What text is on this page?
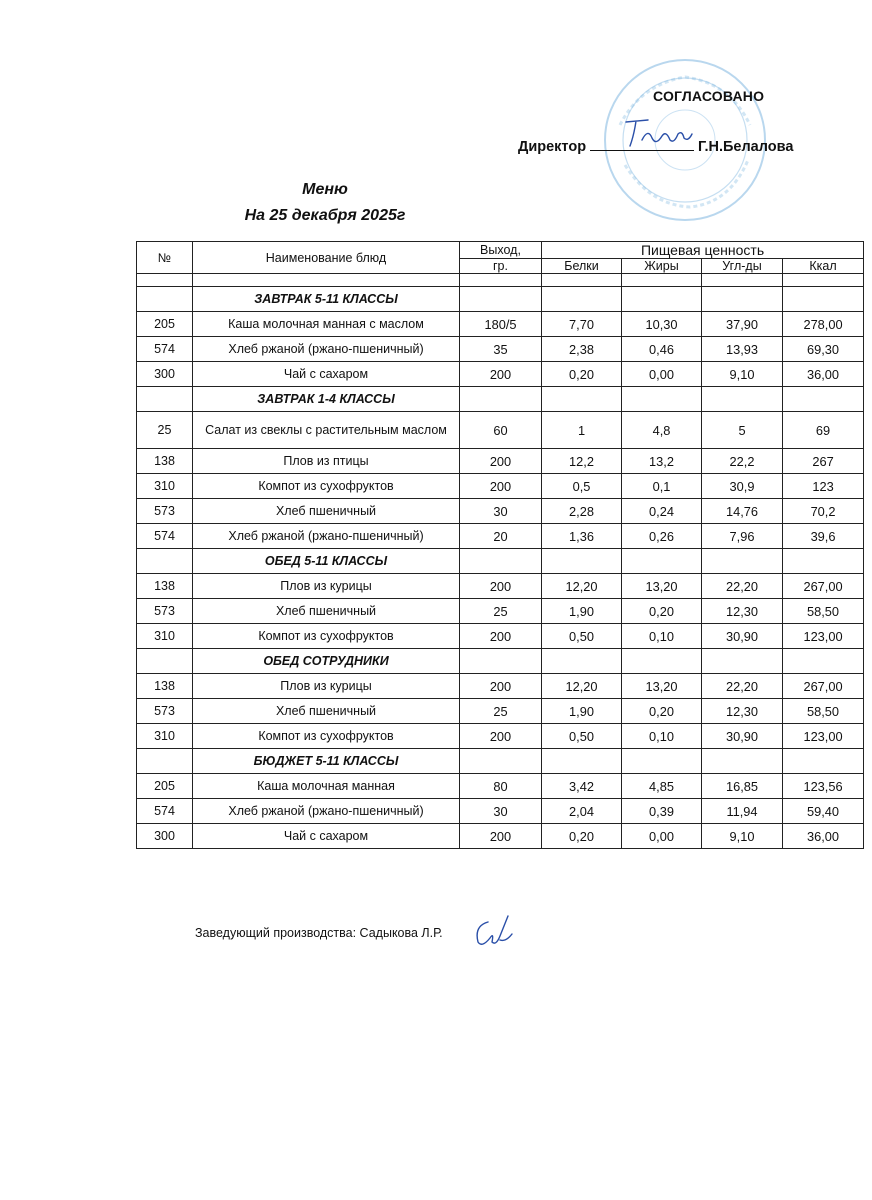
СОГЛАСОВАНО
Директор	Г.Н.Белалова
Меню
На 25 декабря 2025г
№	Наименование блюд	Выход,	Пищевая ценность			
		гр.	Белки	Жиры	Угл-ды	Ккал

	ЗАВТРАК 5-11 КЛАССЫ					
205	Каша молочная манная с маслом	180/5	7,70	10,30	37,90	278,00
574	Хлеб ржаной (ржано-пшеничный)	35	2,38	0,46	13,93	69,30
300	Чай с сахаром	200	0,20	0,00	9,10	36,00
	ЗАВТРАК 1-4 КЛАССЫ					
25	Салат из свеклы с растительным маслом	60	1	4,8	5	69
138	Плов из птицы	200	12,2	13,2	22,2	267
310	Компот из сухофруктов	200	0,5	0,1	30,9	123
573	Хлеб пшеничный	30	2,28	0,24	14,76	70,2
574	Хлеб ржаной (ржано-пшеничный)	20	1,36	0,26	7,96	39,6
	ОБЕД 5-11 КЛАССЫ					
138	Плов из курицы	200	12,20	13,20	22,20	267,00
573	Хлеб пшеничный	25	1,90	0,20	12,30	58,50
310	Компот из сухофруктов	200	0,50	0,10	30,90	123,00
	ОБЕД СОТРУДНИКИ					
138	Плов из курицы	200	12,20	13,20	22,20	267,00
573	Хлеб пшеничный	25	1,90	0,20	12,30	58,50
310	Компот из сухофруктов	200	0,50	0,10	30,90	123,00
	БЮДЖЕТ 5-11 КЛАССЫ					
205	Каша молочная манная	80	3,42	4,85	16,85	123,56
574	Хлеб ржаной (ржано-пшеничный)	30	2,04	0,39	11,94	59,40
300	Чай с сахаром	200	0,20	0,00	9,10	36,00
Заведующий производства: Садыкова Л.Р.
